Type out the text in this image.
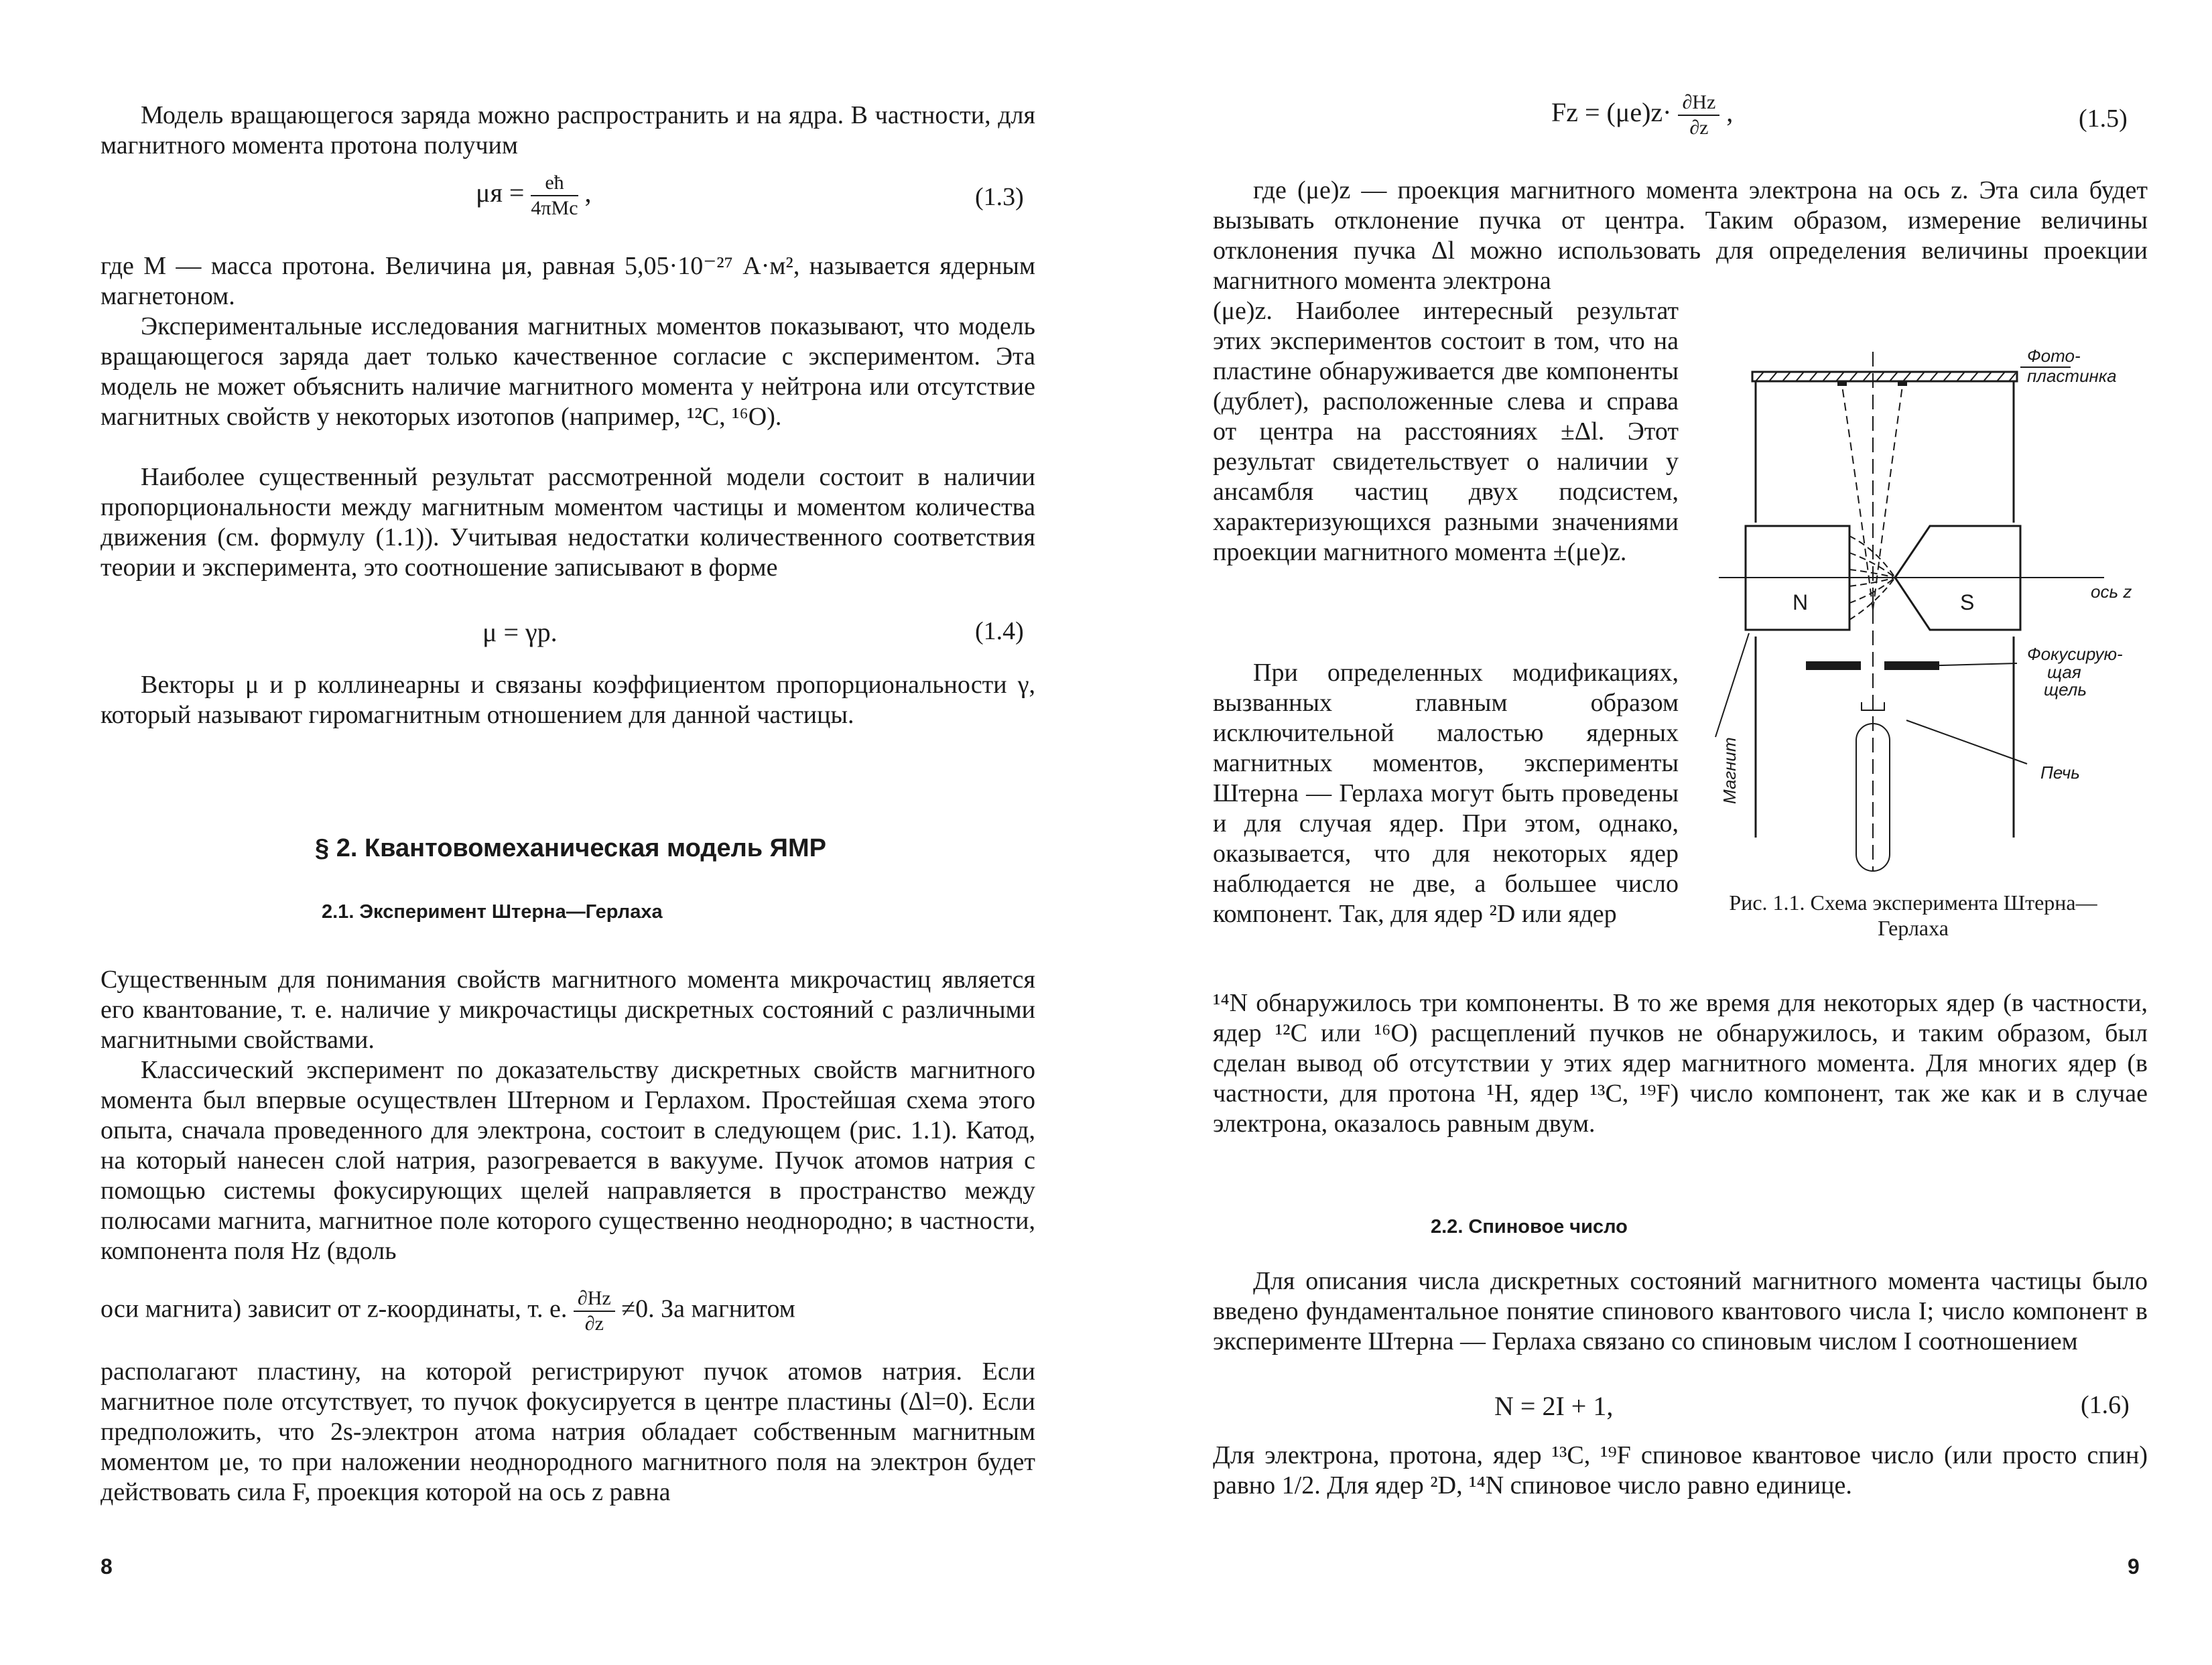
Модель вращающегося заряда можно распространить и на ядра. В частности, для магнитного момента протона получим

$\mu я = \frac{eħ}{\text{4πMc}}$ ,	(1.3)

где M — масса протона. Величина μя, равная 5,05·10⁻²⁷ А·м², называется ядерным магнетоном.

Экспериментальные исследования магнитных моментов показывают, что модель вращающегося заряда дает только качественное согласие с экспериментом. Эта модель не может объяснить наличие магнитного момента у нейтрона или отсутствие магнитных свойств у некоторых изотопов (например, ¹²C, ¹⁶O).

Наиболее существенный результат рассмотренной модели состоит в наличии пропорциональности между магнитным моментом частицы и моментом количества движения (см. формулу (1.1)). Учитывая недостатки количественного соответствия теории и эксперимента, это соотношение записывают в форме

μ = γp.	(1.4)

Векторы μ и p коллинеарны и связаны коэффициентом пропорциональности γ, который называют гиромагнитным отношением для данной частицы.

§ 2. Квантовомеханическая модель ЯМР
2.1. Эксперимент Штерна—Герлаха

Существенным для понимания свойств магнитного момента микрочастиц является его квантование, т. е. наличие у микрочастицы дискретных состояний с различными магнитными свойствами.

Классический эксперимент по доказательству дискретных свойств магнитного момента был впервые осуществлен Штерном и Герлахом. Простейшая схема этого опыта, сначала проведенного для электрона, состоит в следующем (рис. 1.1). Катод, на который нанесен слой натрия, разогревается в вакууме. Пучок атомов натрия с помощью системы фокусирующих щелей направляется в пространство между полюсами магнита, магнитное поле которого существенно неоднородно; в частности, компонента поля Hz (вдоль

оси магнита) зависит от z-координаты, т. е. $\frac{\partial Hz}{\partial z} \ne 0$. За магнитом

располагают пластину, на которой регистрируют пучок атомов натрия. Если магнитное поле отсутствует, то пучок фокусируется в центре пластины (Δl=0). Если предположить, что 2s-электрон атома натрия обладает собственным магнитным моментом μe, то при наложении неоднородного магнитного поля на электрон будет действовать сила F, проекция которой на ось z равна

8
$Fz = (\mu e)z\cdot \frac{\partial Hz}{\partial z}$ ,	(1.5)

где (μe)z — проекция магнитного момента электрона на ось z. Эта сила будет вызывать отклонение пучка от центра. Таким образом, измерение величины отклонения пучка Δl можно использовать для определения величины проекции магнитного момента электрона

(μe)z. Наиболее интересный результат этих экспериментов состоит в том, что на пластине обнаруживается две компоненты (дублет), расположенные слева и справа от центра на расстояниях ±Δl. Этот результат свидетельствует о наличии у ансамбля частиц двух подсистем, характеризующихся разными значениями проекции магнитного момента ±(μe)z.

При определенных модификациях, вызванных главным образом исключительной малостью ядерных магнитных моментов, эксперименты Штерна — Герлаха могут быть проведены и для случая ядер. При этом, однако, оказывается, что для некоторых ядер наблюдается не две, а большее число компонент. Так, для ядер ²D или ядер

¹⁴N обнаружилось три компоненты. В то же время для некоторых ядер (в частности, ядер ¹²C или ¹⁶O) расщеплений пучков не обнаружилось, и таким образом, был сделан вывод об отсутствии у этих ядер магнитного момента. Для многих ядер (в частности, для протона ¹H, ядер ¹³C, ¹⁹F) число компонент, так же как и в случае электрона, оказалось равным двум.

N	S	ось z
Фото-
пластинка
Фокусирую-
щая
щель
Печь
Магнит
Рис. 1.1. Схема эксперимента Штерна—Герлаха
2.2. Спиновое число

Для описания числа дискретных состояний магнитного момента частицы было введено фундаментальное понятие спинового квантового числа I; число компонент в эксперименте Штерна — Герлаха связано со спиновым числом I соотношением

N = 2I + 1,	(1.6)

Для электрона, протона, ядер ¹³C, ¹⁹F спиновое квантовое число (или просто спин) равно 1/2. Для ядер ²D, ¹⁴N спиновое число равно единице.

9
